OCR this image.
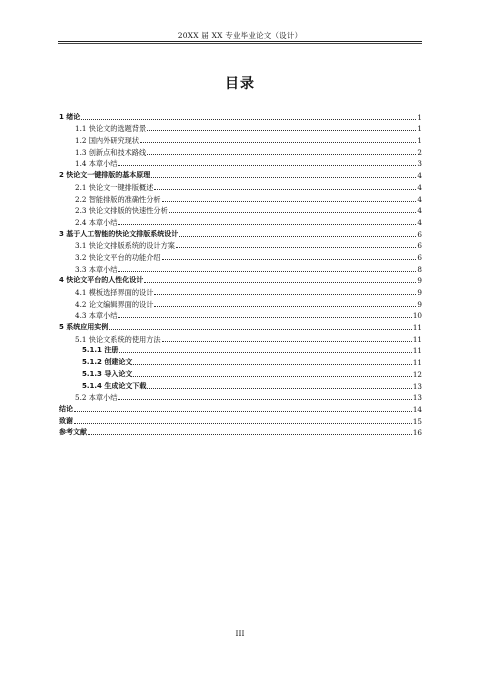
20XX 届 XX 专业毕业论文（设计）
目录
1 绪论	1
1.1 快论文的选题背景	1
1.2 国内外研究现状	1
1.3 创新点和技术路线	2
1.4 本章小结	3
2 快论文一键排版的基本原理	4
2.1 快论文一键排版概述	4
2.2 智能排版的准确性分析	4
2.3 快论文排版的快速性分析	4
2.4 本章小结	4
3 基于人工智能的快论文排版系统设计	6
3.1 快论文排版系统的设计方案	6
3.2 快论文平台的功能介绍	6
3.3 本章小结	8
4 快论文平台的人性化设计	9
4.1 模板选择界面的设计	9
4.2 论文编辑界面的设计	9
4.3 本章小结	10
5 系统应用实例	11
5.1 快论文系统的使用方法	11
5.1.1 注册	11
5.1.2 创建论文	11
5.1.3 导入论文	12
5.1.4 生成论文下载	13
5.2 本章小结	13
结论	14
致谢	15
参考文献	16
III
